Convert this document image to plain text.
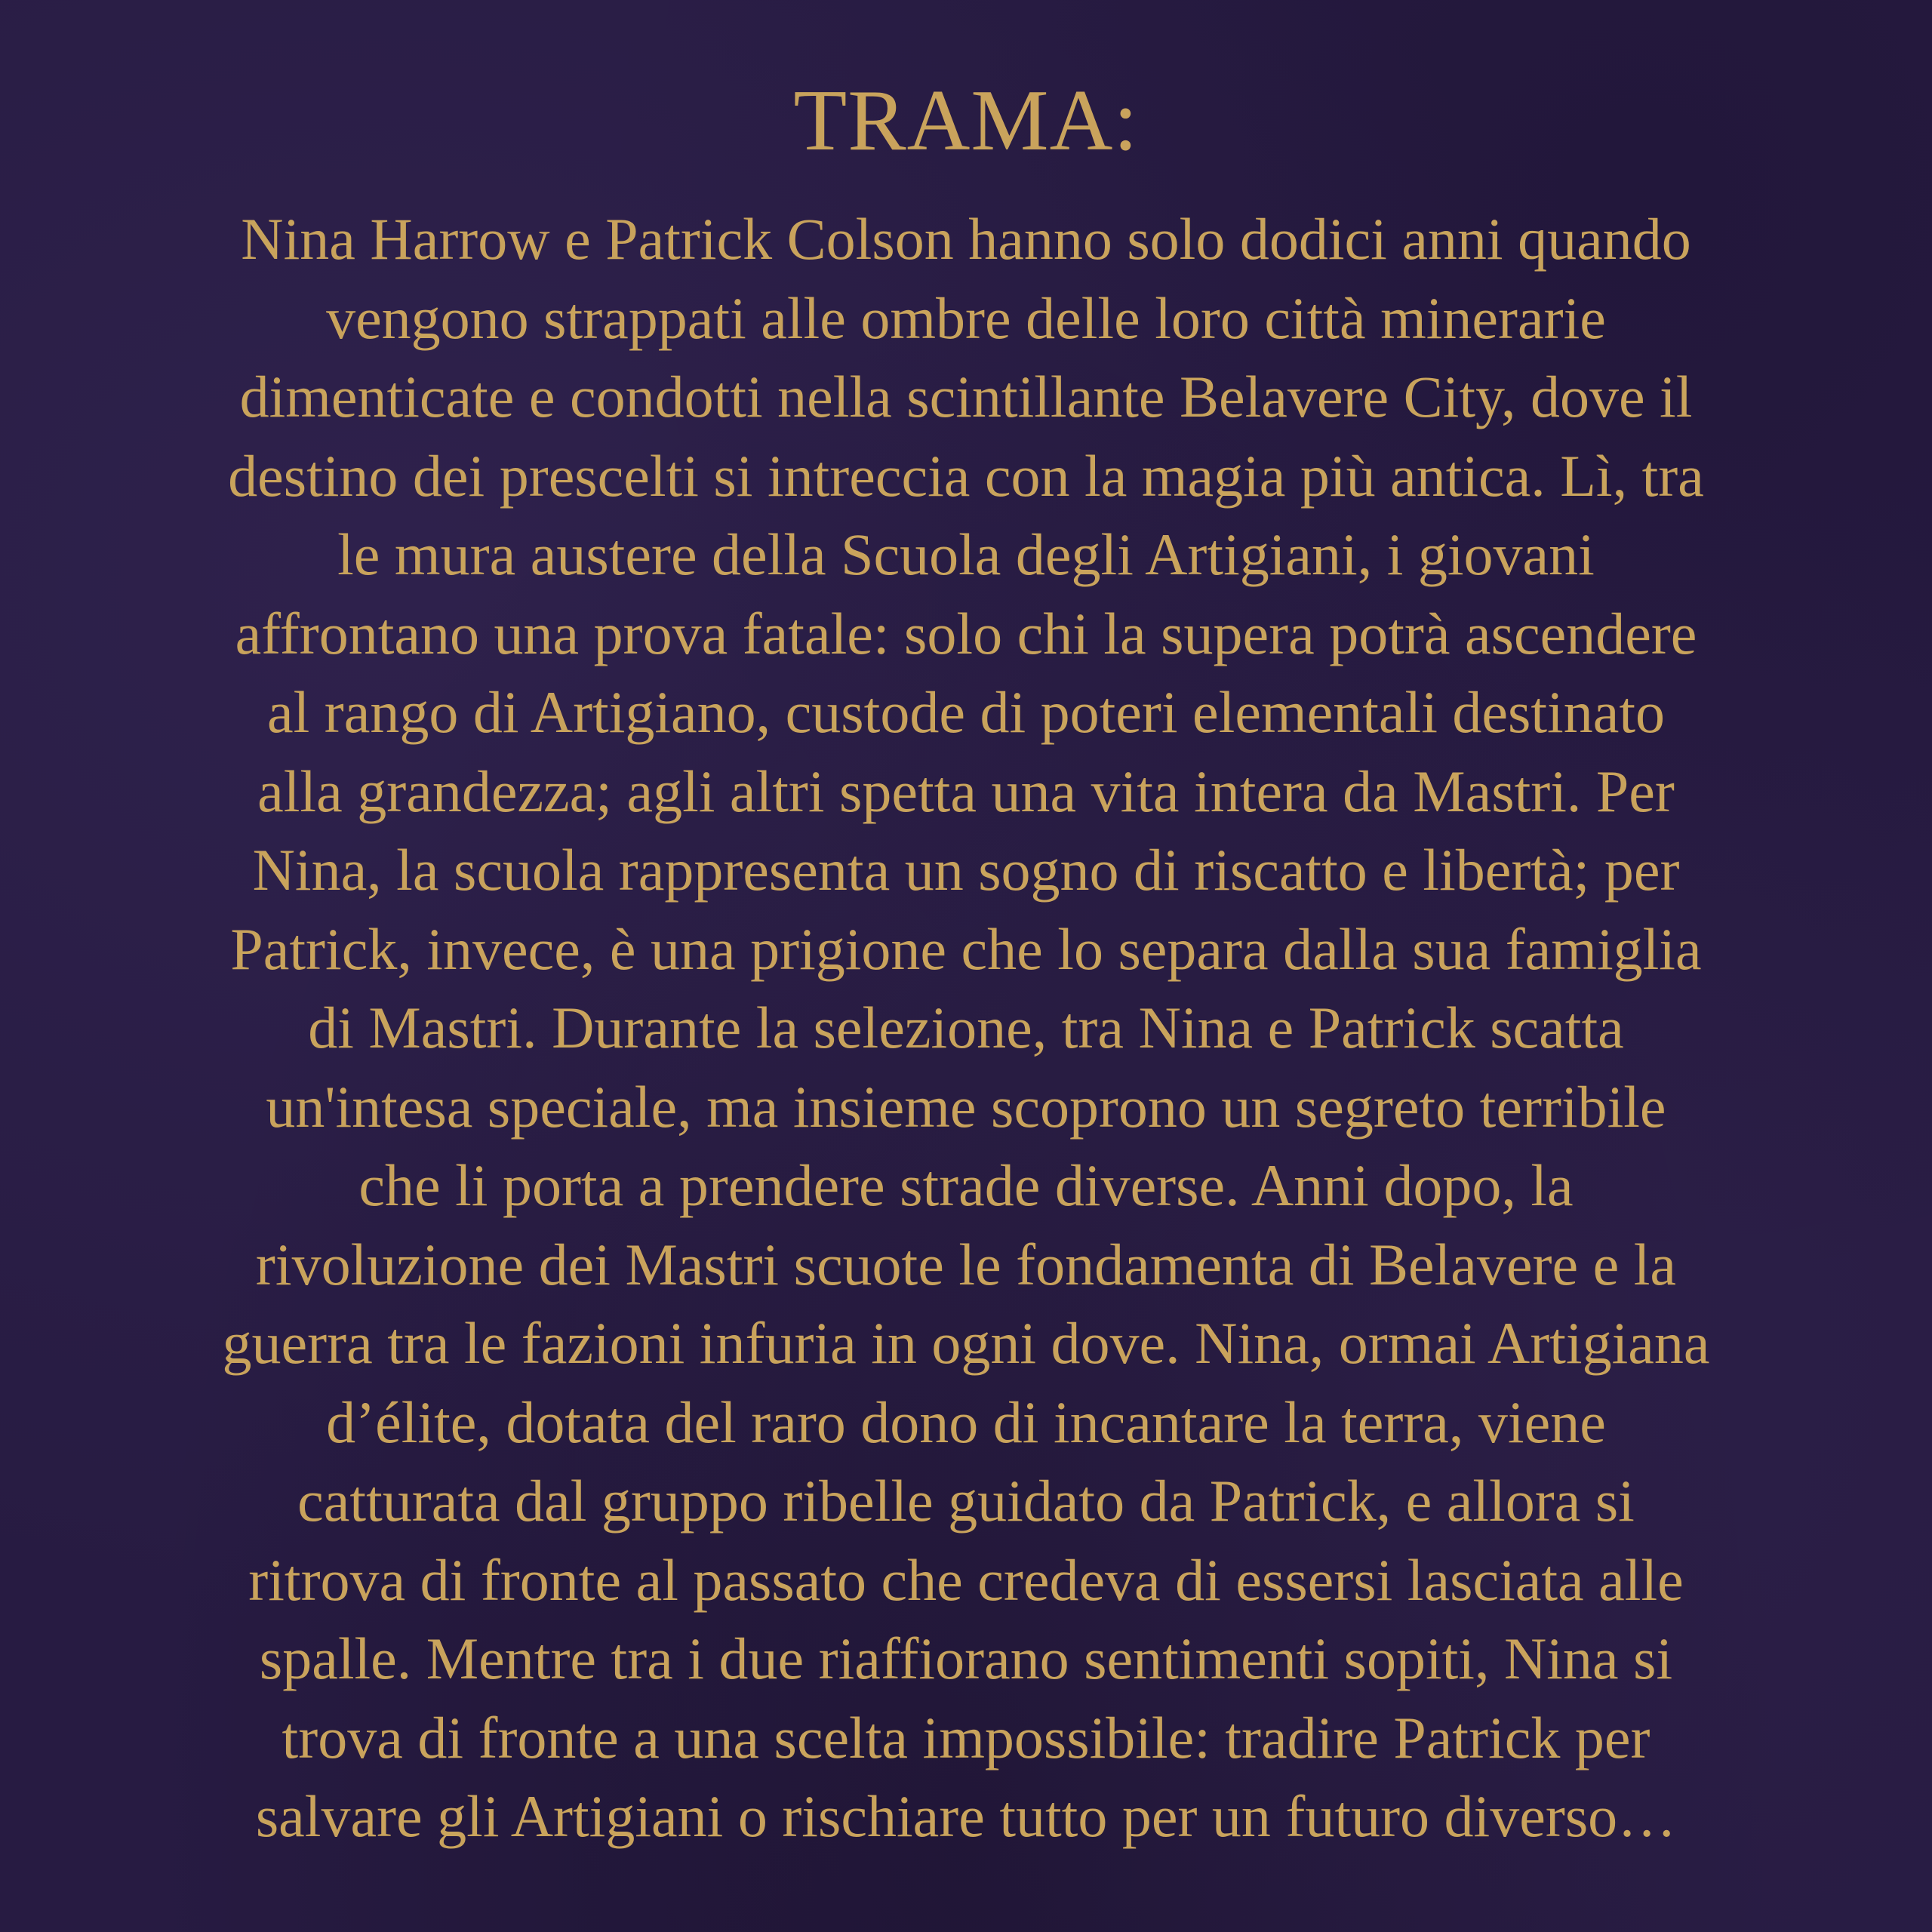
TRAMA:
Nina Harrow e Patrick Colson hanno solo dodici anni quando
vengono strappati alle ombre delle loro città minerarie
dimenticate e condotti nella scintillante Belavere City, dove il
destino dei prescelti si intreccia con la magia più antica. Lì, tra
le mura austere della Scuola degli Artigiani, i giovani
affrontano una prova fatale: solo chi la supera potrà ascendere
al rango di Artigiano, custode di poteri elementali destinato
alla grandezza; agli altri spetta una vita intera da Mastri. Per
Nina, la scuola rappresenta un sogno di riscatto e libertà; per
Patrick, invece, è una prigione che lo separa dalla sua famiglia
di Mastri. Durante la selezione, tra Nina e Patrick scatta
un'intesa speciale, ma insieme scoprono un segreto terribile
che li porta a prendere strade diverse. Anni dopo, la
rivoluzione dei Mastri scuote le fondamenta di Belavere e la
guerra tra le fazioni infuria in ogni dove. Nina, ormai Artigiana
d’élite, dotata del raro dono di incantare la terra, viene
catturata dal gruppo ribelle guidato da Patrick, e allora si
ritrova di fronte al passato che credeva di essersi lasciata alle
spalle. Mentre tra i due riaffiorano sentimenti sopiti, Nina si
trova di fronte a una scelta impossibile: tradire Patrick per
salvare gli Artigiani o rischiare tutto per un futuro diverso…
